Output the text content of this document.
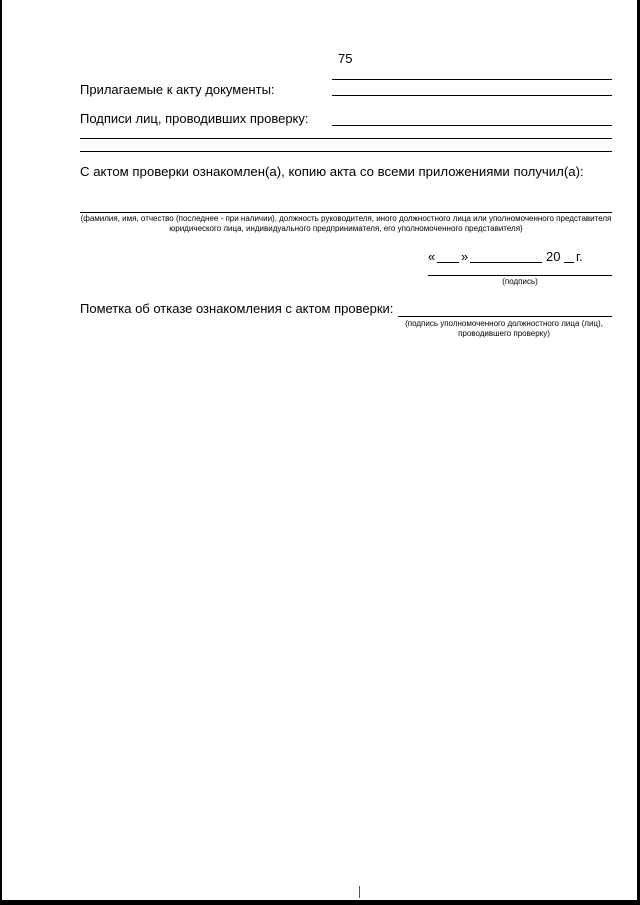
75
Прилагаемые к акту документы:
Подписи лиц, проводивших проверку:
С актом проверки ознакомлен(а), копию акта со всеми приложениями получил(а):
(фамилия, имя, отчество (последнее - при наличии), должность руководителя, иного должностного лица или уполномоченного представителя юридического лица, индивидуального предпринимателя, его уполномоченного представителя)
« »	20 г.
(подпись)
Пометка об отказе ознакомления с актом проверки:
(подпись уполномоченного должностного лица (лиц), проводившего проверку)
